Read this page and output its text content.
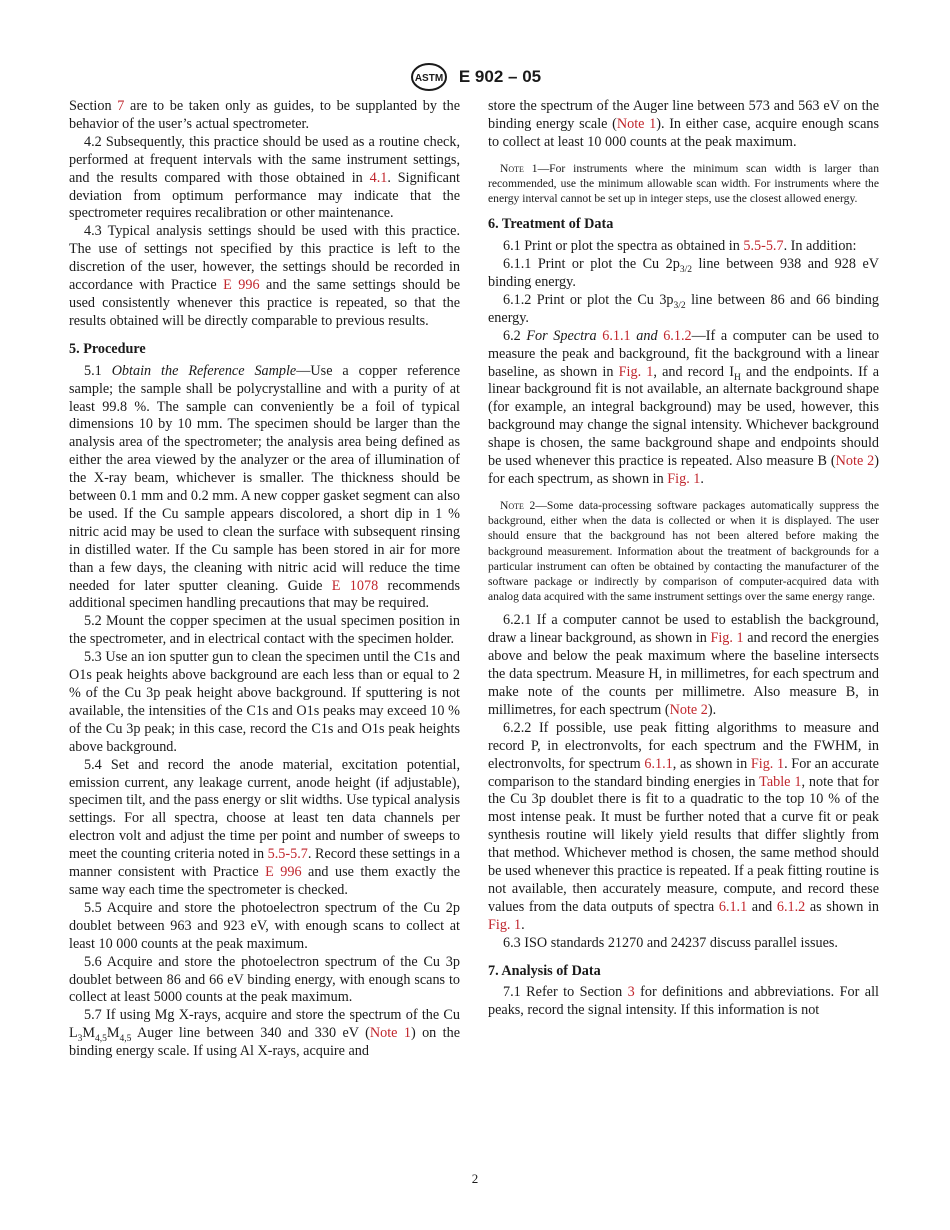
ASTM E 902 – 05

Section 7 are to be taken only as guides, to be supplanted by the behavior of the user’s actual spectrometer.

4.2 Subsequently, this practice should be used as a routine check, performed at frequent intervals with the same instrument settings, and the results compared with those obtained in 4.1. Significant deviation from optimum performance may indicate that the spectrometer requires recalibration or other maintenance.

4.3 Typical analysis settings should be used with this practice. The use of settings not specified by this practice is left to the discretion of the user, however, the settings should be recorded in accordance with Practice E 996 and the same settings should be used consistently whenever this practice is repeated, so that the results obtained will be directly comparable to previous results.

5. Procedure

5.1 Obtain the Reference Sample—Use a copper reference sample; the sample shall be polycrystalline and with a purity of at least 99.8 %. The sample can conveniently be a foil of typical dimensions 10 by 10 mm. The specimen should be larger than the analysis area of the spectrometer; the analysis area being defined as either the area viewed by the analyzer or the area of illumination of the X-ray beam, whichever is smaller. The thickness should be between 0.1 mm and 0.2 mm. A new copper gasket segment can also be used. If the Cu sample appears discolored, a short dip in 1 % nitric acid may be used to clean the surface with subsequent rinsing in distilled water. If the Cu sample has been stored in air for more than a few days, the cleaning with nitric acid will reduce the time needed for later sputter cleaning. Guide E 1078 recommends additional specimen handling precautions that may be required.

5.2 Mount the copper specimen at the usual specimen position in the spectrometer, and in electrical contact with the specimen holder.

5.3 Use an ion sputter gun to clean the specimen until the C1s and O1s peak heights above background are each less than or equal to 2 % of the Cu 3p peak height above background. If sputtering is not available, the intensities of the C1s and O1s peaks may exceed 10 % of the Cu 3p peak; in this case, record the C1s and O1s peak heights above background.

5.4 Set and record the anode material, excitation potential, emission current, any leakage current, anode height (if adjustable), specimen tilt, and the pass energy or slit widths. Use typical analysis settings. For all spectra, choose at least ten data channels per electron volt and adjust the time per point and number of sweeps to meet the counting criteria noted in 5.5-5.7. Record these settings in a manner consistent with Practice E 996 and use them exactly the same way each time the spectrometer is checked.

5.5 Acquire and store the photoelectron spectrum of the Cu 2p doublet between 963 and 923 eV, with enough scans to collect at least 10 000 counts at the peak maximum.

5.6 Acquire and store the photoelectron spectrum of the Cu 3p doublet between 86 and 66 eV binding energy, with enough scans to collect at least 5000 counts at the peak maximum.

5.7 If using Mg X-rays, acquire and store the spectrum of the Cu $L_3M_{4,5}M_{4,5}$ Auger line between 340 and 330 eV (Note 1) on the binding energy scale. If using Al X-rays, acquire and

store the spectrum of the Auger line between 573 and 563 eV on the binding energy scale (Note 1). In either case, acquire enough scans to collect at least 10 000 counts at the peak maximum.

Note 1—For instruments where the minimum scan width is larger than recommended, use the minimum allowable scan width. For instruments where the energy interval cannot be set up in integer steps, use the closest allowed energy.

6. Treatment of Data

6.1 Print or plot the spectra as obtained in 5.5-5.7. In addition:

6.1.1 Print or plot the Cu $2p_{3/2}$ line between 938 and 928 eV binding energy.

6.1.2 Print or plot the Cu $3p_{3/2}$ line between 86 and 66 binding energy.

6.2 For Spectra 6.1.1 and 6.1.2—If a computer can be used to measure the peak and background, fit the background with a linear baseline, as shown in Fig. 1, and record $I_H$ and the endpoints. If a linear background fit is not available, an alternate background shape (for example, an integral background) may be used, however, this background may change the signal intensity. Whichever background shape is chosen, the same background shape and endpoints should be used whenever this practice is repeated. Also measure B (Note 2) for each spectrum, as shown in Fig. 1.

Note 2—Some data-processing software packages automatically suppress the background, either when the data is collected or when it is displayed. The user should ensure that the background has not been altered before making the background measurement. Information about the treatment of backgrounds for a particular instrument can often be obtained by contacting the manufacturer of the software package or indirectly by comparison of computer-acquired data with analog data acquired with the same instrument settings over the same energy range.

6.2.1 If a computer cannot be used to establish the background, draw a linear background, as shown in Fig. 1 and record the energies above and below the peak maximum where the baseline intersects the data spectrum. Measure H, in millimetres, for each spectrum and make note of the counts per millimetre. Also measure B, in millimetres, for each spectrum (Note 2).

6.2.2 If possible, use peak fitting algorithms to measure and record P, in electronvolts, for each spectrum and the FWHM, in electronvolts, for spectrum 6.1.1, as shown in Fig. 1. For an accurate comparison to the standard binding energies in Table 1, note that for the Cu 3p doublet there is fit to a quadratic to the top 10 % of the most intense peak. It must be further noted that a curve fit or peak synthesis routine will likely yield results that differ slightly from that method. Whichever method is chosen, the same method should be used whenever this practice is repeated. If a peak fitting routine is not available, then accurately measure, compute, and record these values from the data outputs of spectra 6.1.1 and 6.1.2 as shown in Fig. 1.

6.3 ISO standards 21270 and 24237 discuss parallel issues.

7. Analysis of Data

7.1 Refer to Section 3 for definitions and abbreviations. For all peaks, record the signal intensity. If this information is not

2
